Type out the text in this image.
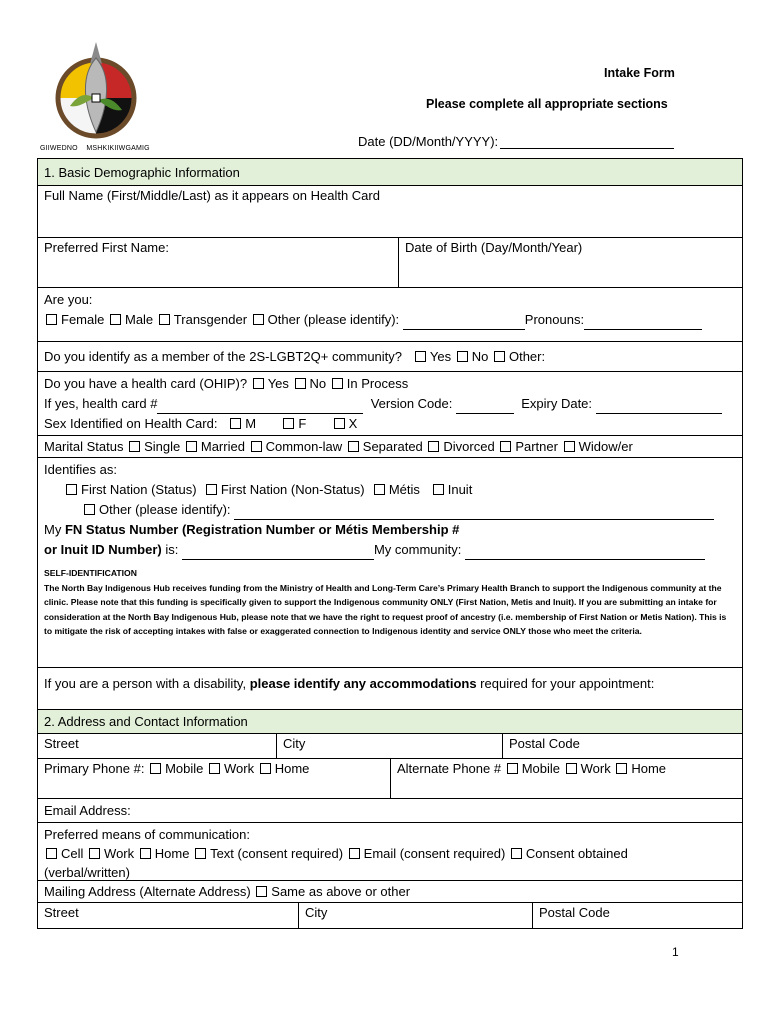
GIIWEDNO MSHKIKIIWGAMIG
Intake Form
Please complete all appropriate sections
Date (DD/Month/YYYY):
1. Basic Demographic Information
Full Name (First/Middle/Last) as it appears on Health Card
Preferred First Name:	Date of Birth (Day/Month/Year)
Are you:
Female Male Transgender Other (please identify):	Pronouns:
Do you identify as a member of the 2S-LGBT2Q+ community? Yes No Other:
Do you have a health card (OHIP)? Yes No In Process
If yes, health card #	Version Code:	Expiry Date:
Sex Identified on Health Card: M	F	X
Marital Status Single Married Common-law Separated Divorced Partner Widow/er
Identifies as:
First Nation (Status) First Nation (Non-Status) Métis Inuit
Other (please identify):
My FN Status Number (Registration Number or Métis Membership #
or Inuit ID Number) is:	My community:
SELF-IDENTIFICATION
The North Bay Indigenous Hub receives funding from the Ministry of Health and Long-Term Care’s Primary Health Branch to support the Indigenous community at the clinic. Please note that this funding is specifically given to support the Indigenous community ONLY (First Nation, Metis and Inuit). If you are submitting an intake for consideration at the North Bay Indigenous Hub, please note that we have the right to request proof of ancestry (i.e. membership of First Nation or Metis Nation). This is to mitigate the risk of accepting intakes with false or exaggerated connection to Indigenous identity and service ONLY those who meet the criteria.
If you are a person with a disability, please identify any accommodations required for your appointment:
2. Address and Contact Information
Street	City	Postal Code
Primary Phone #: Mobile Work Home	Alternate Phone # Mobile Work Home
Email Address:
Preferred means of communication:
Cell Work Home Text (consent required) Email (consent required) Consent obtained
(verbal/written)
Mailing Address (Alternate Address) Same as above or other
Street	City	Postal Code
1
